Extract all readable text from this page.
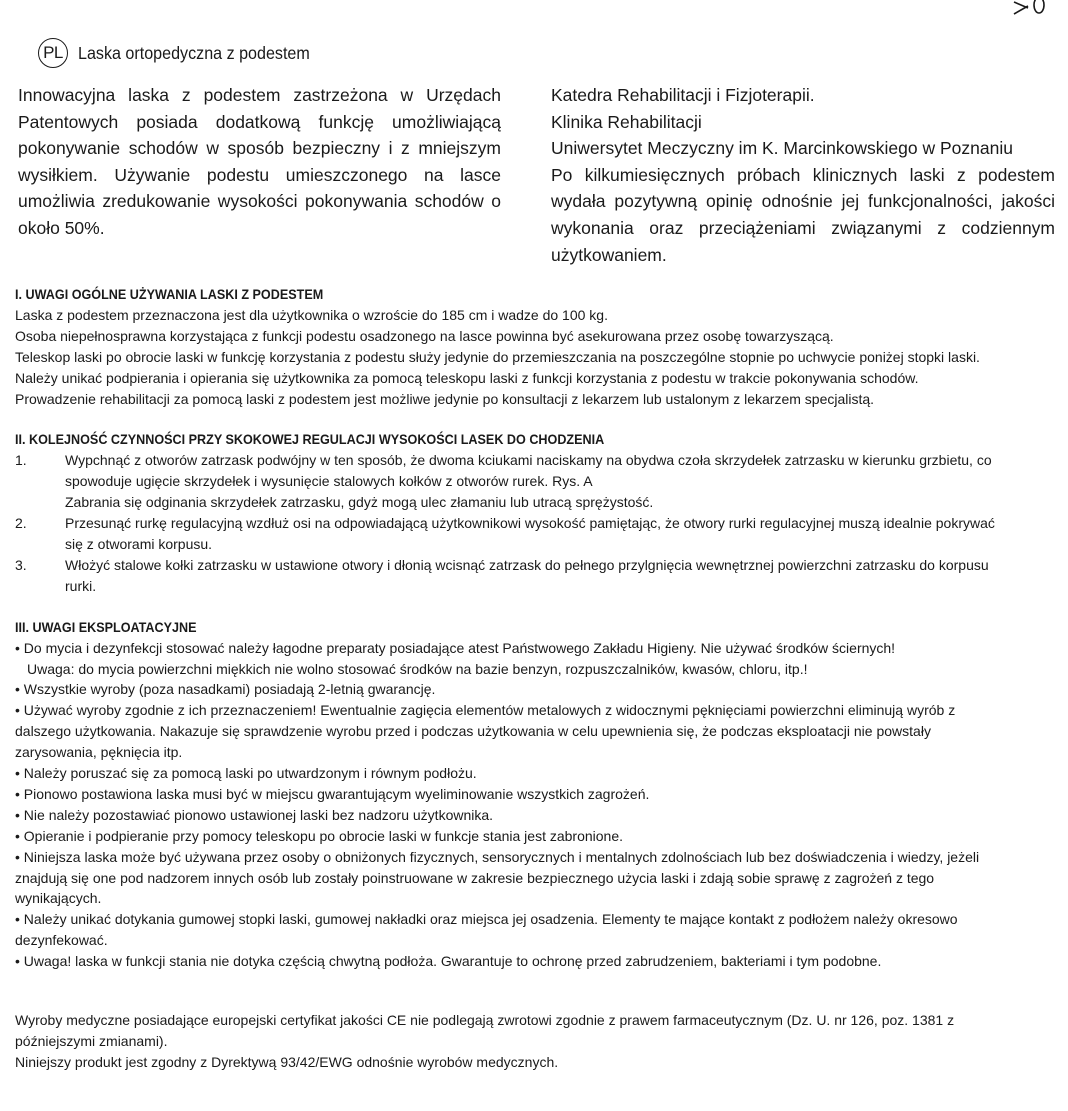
PL Laska ortopedyczna z podestem

Innowacyjna laska z podestem zastrzeżona w Urzędach Patentowych posiada dodatkową funkcję umożliwiającą pokonywanie schodów w sposób bezpieczny i z mniejszym wysiłkiem. Używanie podestu umieszczonego na lasce umożliwia zredukowanie wysokości pokonywania schodów o około 50%.

Katedra Rehabilitacji i Fizjoterapii.
Klinika Rehabilitacji
Uniwersytet Meczyczny im K. Marcinkowskiego w Poznaniu
Po kilkumiesięcznych próbach klinicznych laski z podestem wydała pozytywną opinię odnośnie jej funkcjonalności, jakości wykonania oraz przeciążeniami związanymi z codziennym użytkowaniem.
I. UWAGI OGÓLNE UŻYWANIA LASKI Z PODESTEM

Laska z podestem przeznaczona jest dla użytkownika o wzroście do 185 cm i wadze do 100 kg.

Osoba niepełnosprawna korzystająca z funkcji podestu osadzonego na lasce powinna być asekurowana przez osobę towarzyszącą.

Teleskop laski po obrocie laski w funkcję korzystania z podestu służy jedynie do przemieszczania na poszczególne stopnie po uchwycie poniżej stopki laski.

Należy unikać podpierania i opierania się użytkownika za pomocą teleskopu laski z funkcji korzystania z podestu w trakcie pokonywania schodów.

Prowadzenie rehabilitacji za pomocą laski z podestem jest możliwe jedynie po konsultacji z lekarzem lub ustalonym z lekarzem specjalistą.

II. KOLEJNOŚĆ CZYNNOŚCI PRZY SKOKOWEJ REGULACJI WYSOKOŚCI LASEK DO CHODZENIA
1.	Wypchnąć z otworów zatrzask podwójny w ten sposób, że dwoma kciukami naciskamy na obydwa czoła skrzydełek zatrzasku w kierunku grzbietu, co spowoduje ugięcie skrzydełek i wysunięcie stalowych kołków z otworów rurek. Rys. A
Zabrania się odginania skrzydełek zatrzasku, gdyż mogą ulec złamaniu lub utracą sprężystość.
2.	Przesunąć rurkę regulacyjną wzdłuż osi na odpowiadającą użytkownikowi wysokość pamiętając, że otwory rurki regulacyjnej muszą idealnie pokrywać się z otworami korpusu.
3.	Włożyć stalowe kołki zatrzasku w ustawione otwory i dłonią wcisnąć zatrzask do pełnego przylgnięcia wewnętrznej powierzchni zatrzasku do korpusu rurki.
III. UWAGI EKSPLOATACYJNE
• Do mycia i dezynfekcji stosować należy łagodne preparaty posiadające atest Państwowego Zakładu Higieny. Nie używać środków ściernych!
Uwaga: do mycia powierzchni miękkich nie wolno stosować środków na bazie benzyn, rozpuszczalników, kwasów, chloru, itp.!
• Wszystkie wyroby (poza nasadkami) posiadają 2-letnią gwarancję.
• Używać wyroby zgodnie z ich przeznaczeniem! Ewentualnie zagięcia elementów metalowych z widocznymi pęknięciami powierzchni eliminują wyrób z dalszego użytkowania. Nakazuje się sprawdzenie wyrobu przed i podczas użytkowania w celu upewnienia się, że podczas eksploatacji nie powstały zarysowania, pęknięcia itp.
• Należy poruszać się za pomocą laski po utwardzonym i równym podłożu.
• Pionowo postawiona laska musi być w miejscu gwarantującym wyeliminowanie wszystkich zagrożeń.
• Nie należy pozostawiać pionowo ustawionej laski bez nadzoru użytkownika.
• Opieranie i podpieranie przy pomocy teleskopu po obrocie laski w funkcje stania jest zabronione.
• Niniejsza laska może być używana przez osoby o obniżonych fizycznych, sensorycznych i mentalnych zdolnościach lub bez doświadczenia i wiedzy, jeżeli znajdują się one pod nadzorem innych osób lub zostały poinstruowane w zakresie bezpiecznego użycia laski i zdają sobie sprawę z zagrożeń z tego wynikających.
• Należy unikać dotykania gumowej stopki laski, gumowej nakładki oraz miejsca jej osadzenia. Elementy te mające kontakt z podłożem należy okresowo dezynfekować.
• Uwaga! laska w funkcji stania nie dotyka częścią chwytną podłoża. Gwarantuje to ochronę przed zabrudzeniem, bakteriami i tym podobne.

Wyroby medyczne posiadające europejski certyfikat jakości CE nie podlegają zwrotowi zgodnie z prawem farmaceutycznym (Dz. U. nr 126, poz. 1381 z późniejszymi zmianami).

Niniejszy produkt jest zgodny z Dyrektywą 93/42/EWG odnośnie wyrobów medycznych.
